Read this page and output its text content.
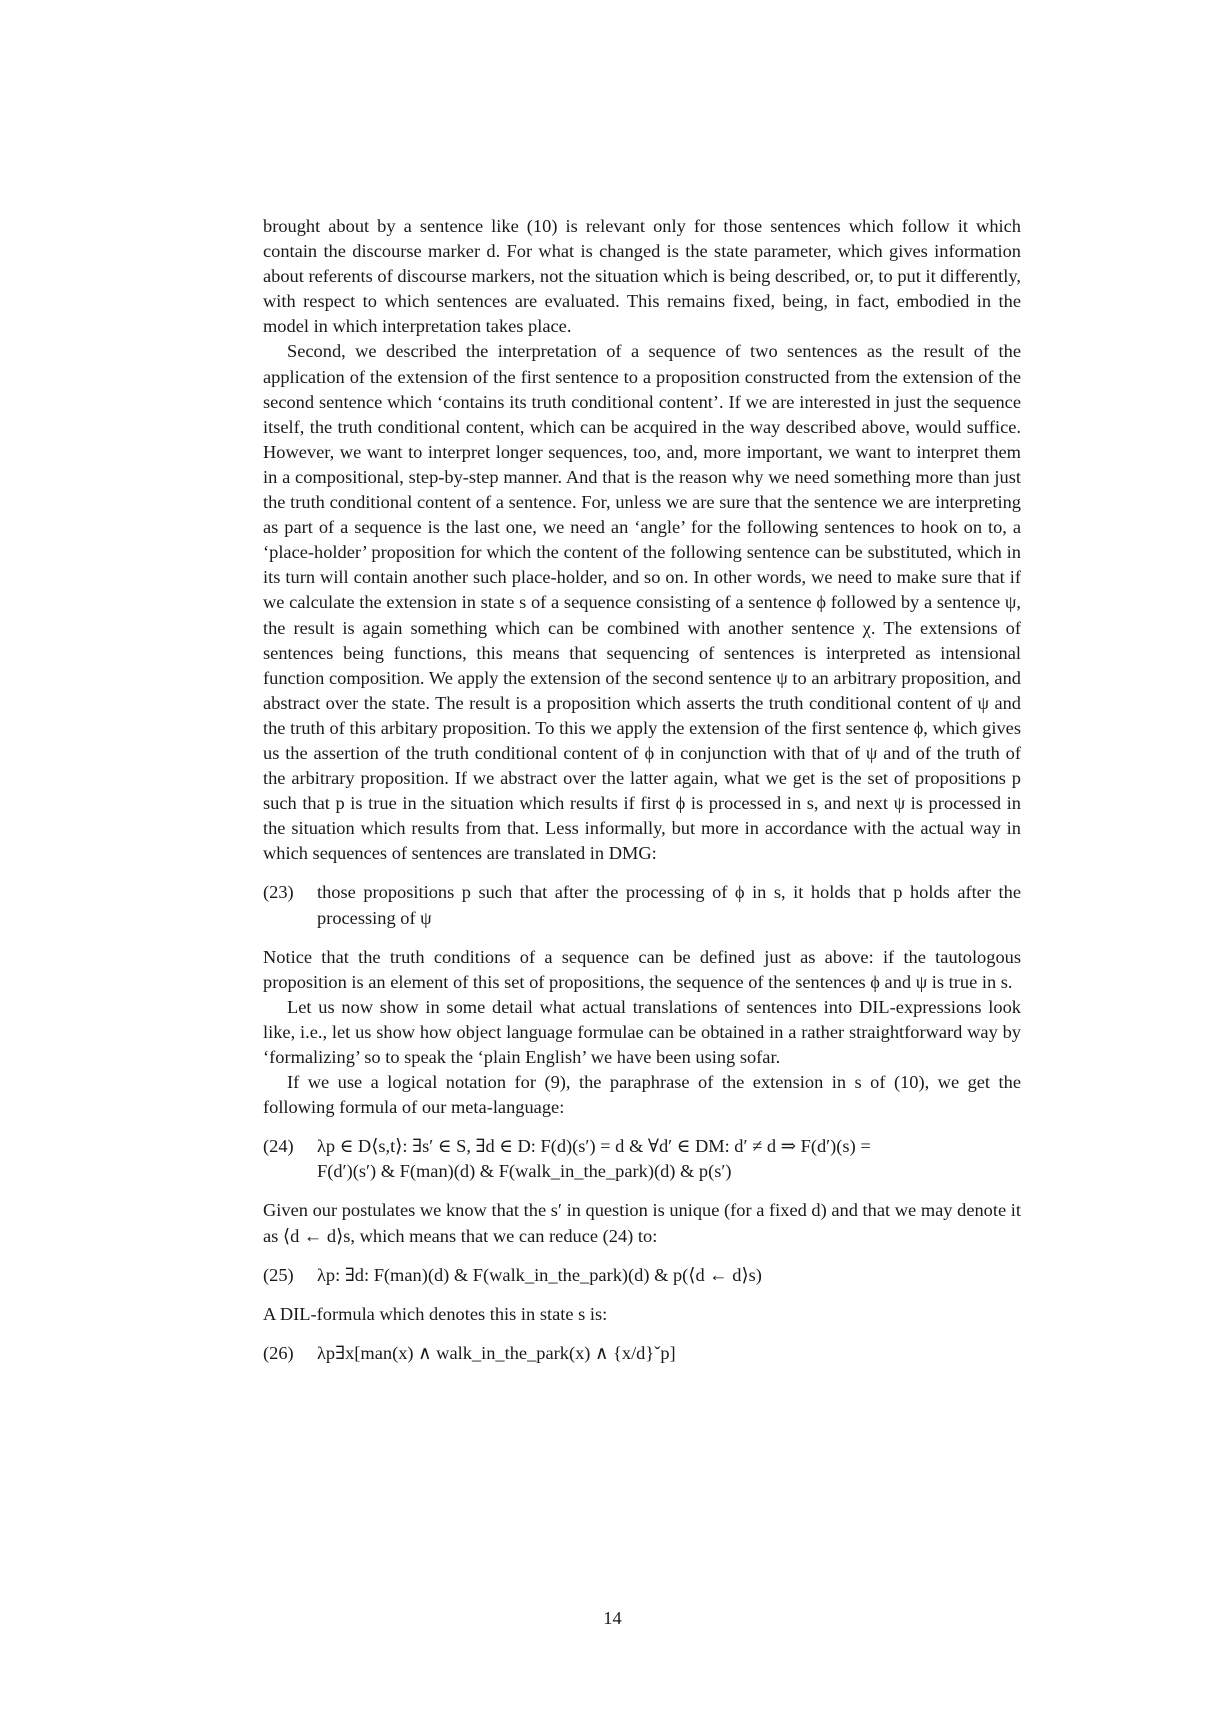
brought about by a sentence like (10) is relevant only for those sentences which follow it which contain the discourse marker d. For what is changed is the state parameter, which gives information about referents of discourse markers, not the situation which is being described, or, to put it differently, with respect to which sentences are evaluated. This remains fixed, being, in fact, embodied in the model in which interpretation takes place.

Second, we described the interpretation of a sequence of two sentences as the result of the application of the extension of the first sentence to a proposition constructed from the extension of the second sentence which ‘contains its truth conditional content’. If we are interested in just the sequence itself, the truth conditional content, which can be acquired in the way described above, would suffice. However, we want to interpret longer sequences, too, and, more important, we want to interpret them in a compositional, step-by-step manner. And that is the reason why we need something more than just the truth conditional content of a sentence. For, unless we are sure that the sentence we are interpreting as part of a sequence is the last one, we need an ‘angle’ for the following sentences to hook on to, a ‘place-holder’ proposition for which the content of the following sentence can be substituted, which in its turn will contain another such place-holder, and so on. In other words, we need to make sure that if we calculate the extension in state s of a sequence consisting of a sentence ϕ followed by a sentence ψ, the result is again something which can be combined with another sentence χ. The extensions of sentences being functions, this means that sequencing of sentences is interpreted as intensional function composition. We apply the extension of the second sentence ψ to an arbitrary proposition, and abstract over the state. The result is a proposition which asserts the truth conditional content of ψ and the truth of this arbitary proposition. To this we apply the extension of the first sentence ϕ, which gives us the assertion of the truth conditional content of ϕ in conjunction with that of ψ and of the truth of the arbitrary proposition. If we abstract over the latter again, what we get is the set of propositions p such that p is true in the situation which results if first ϕ is processed in s, and next ψ is processed in the situation which results from that. Less informally, but more in accordance with the actual way in which sequences of sentences are translated in DMG:

(23)	those propositions p such that after the processing of ϕ in s, it holds that p holds after the processing of ψ

Notice that the truth conditions of a sequence can be defined just as above: if the tautologous proposition is an element of this set of propositions, the sequence of the sentences ϕ and ψ is true in s.

Let us now show in some detail what actual translations of sentences into DIL-expressions look like, i.e., let us show how object language formulae can be obtained in a rather straightforward way by ‘formalizing’ so to speak the ‘plain English’ we have been using sofar.

If we use a logical notation for (9), the paraphrase of the extension in s of (10), we get the following formula of our meta-language:

(24)	λp ∈ D⟨s,t⟩: ∃s′ ∈ S, ∃d ∈ D: F(d)(s′) = d & ∀d′ ∈ DM: d′ ≠ d ⇒ F(d′)(s) =
F(d′)(s′) & F(man)(d) & F(walk_in_the_park)(d) & p(s′)

Given our postulates we know that the s′ in question is unique (for a fixed d) and that we may denote it as ⟨d ← d⟩s, which means that we can reduce (24) to:

(25)	λp: ∃d: F(man)(d) & F(walk_in_the_park)(d) & p(⟨d ← d⟩s)

A DIL-formula which denotes this in state s is:

(26)	λp∃x[man(x) ∧ walk_in_the_park(x) ∧ {x/d}ˇp]
14
